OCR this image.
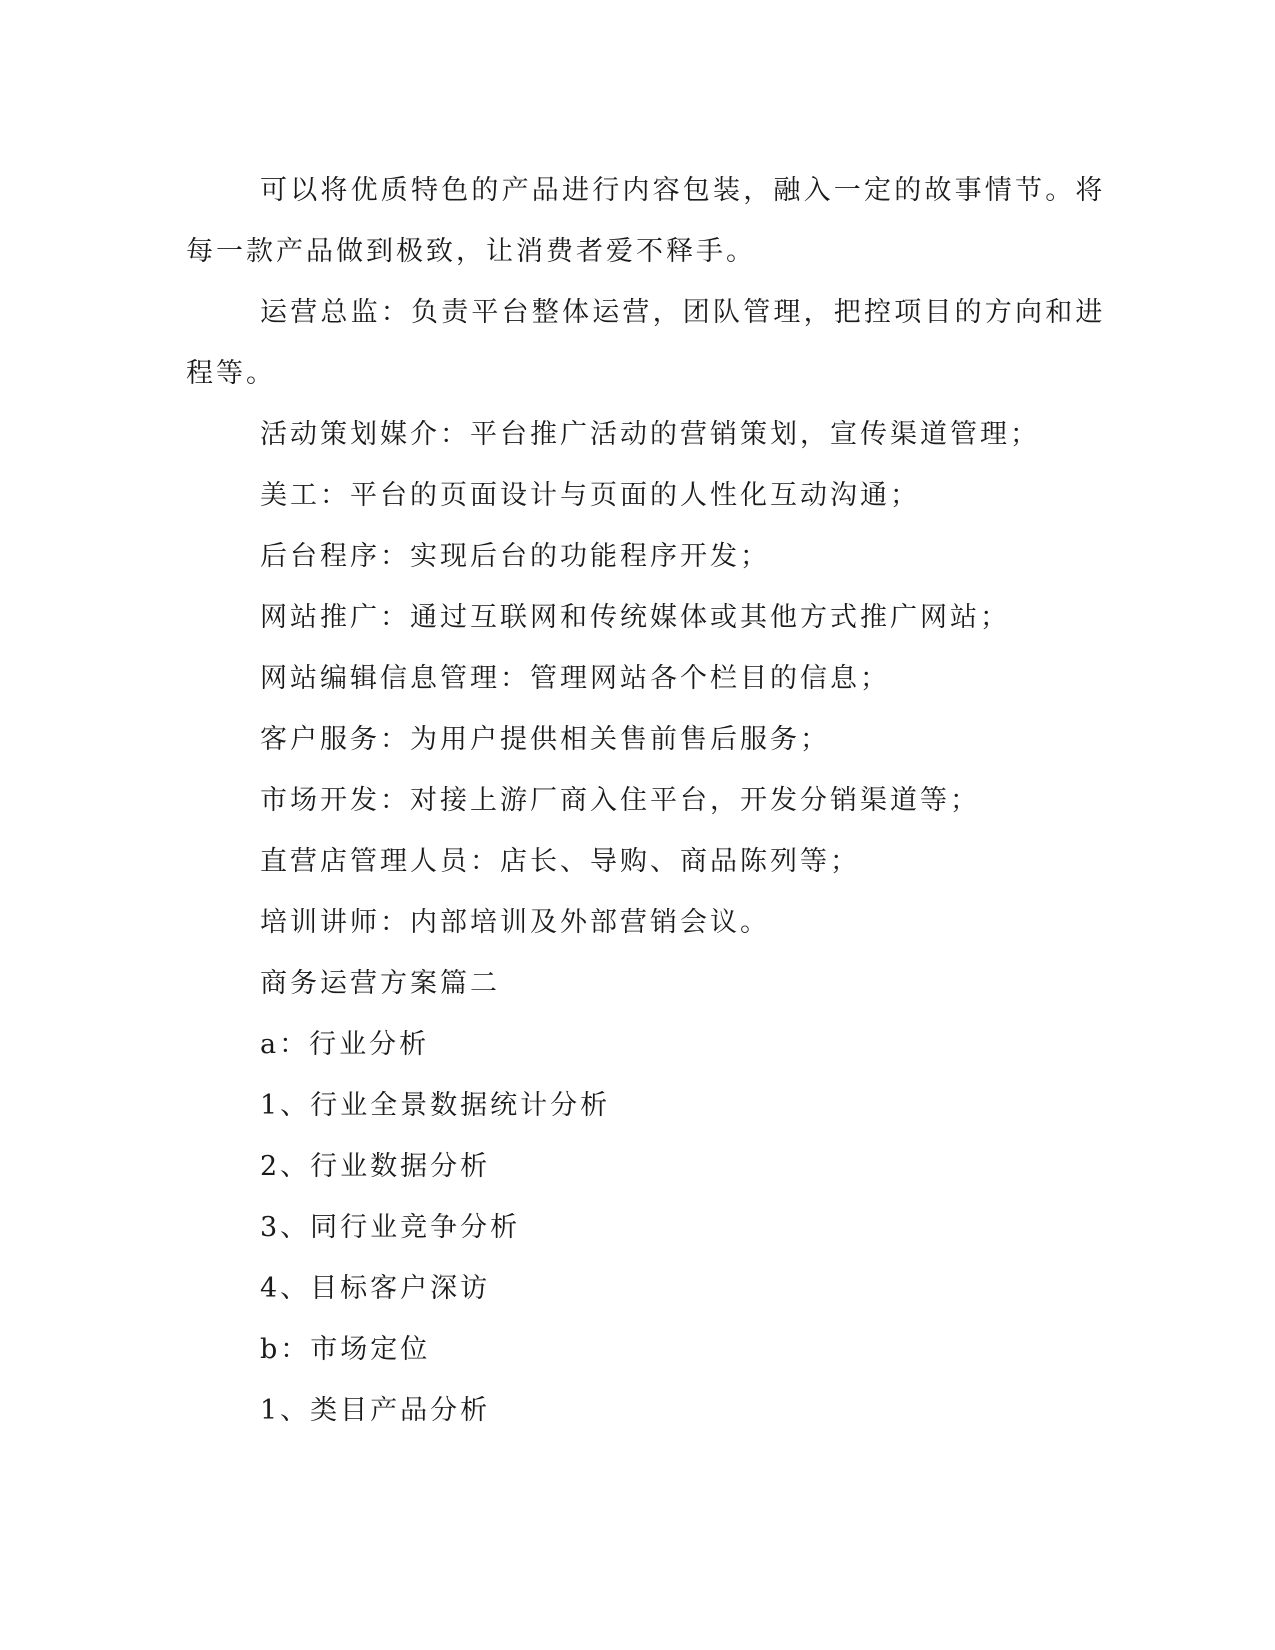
可以将优质特色的产品进行内容包装，融入一定的故事情节。将
每一款产品做到极致，让消费者爱不释手。
运营总监：负责平台整体运营，团队管理，把控项目的方向和进
程等。
活动策划媒介：平台推广活动的营销策划，宣传渠道管理；
美工：平台的页面设计与页面的人性化互动沟通；
后台程序：实现后台的功能程序开发；
网站推广：通过互联网和传统媒体或其他方式推广网站；
网站编辑信息管理：管理网站各个栏目的信息；
客户服务：为用户提供相关售前售后服务；
市场开发：对接上游厂商入住平台，开发分销渠道等；
直营店管理人员：店长、导购、商品陈列等；
培训讲师：内部培训及外部营销会议。
商务运营方案篇二
a：行业分析
1、行业全景数据统计分析
2、行业数据分析
3、同行业竞争分析
4、目标客户深访
b：市场定位
1、类目产品分析
